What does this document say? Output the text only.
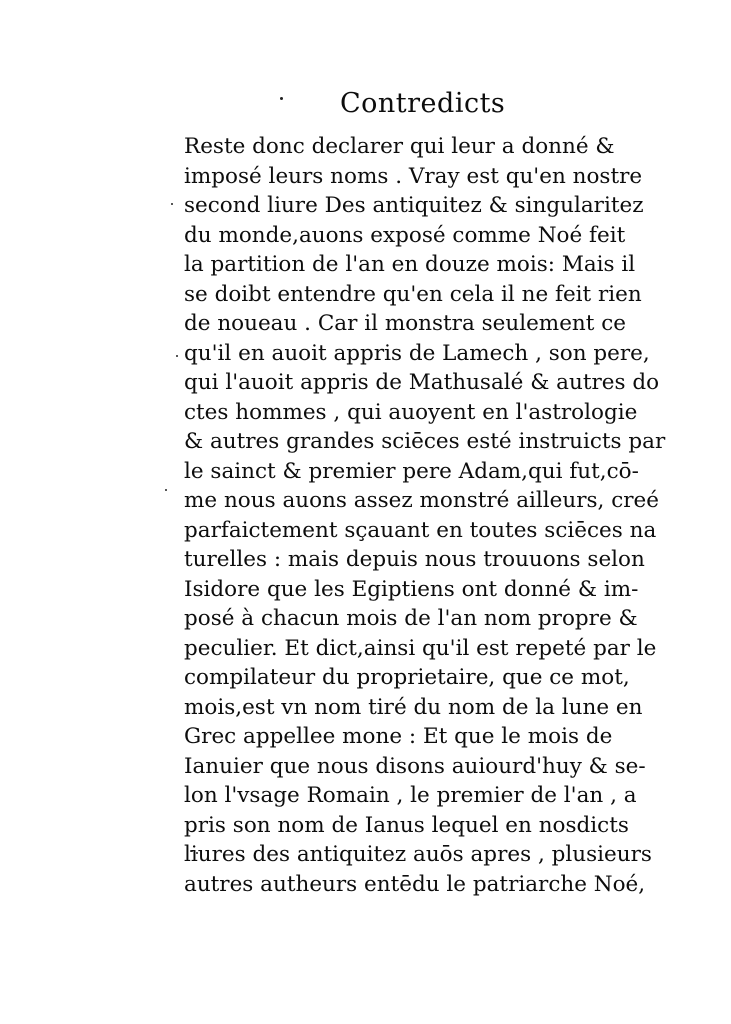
Contredicts
Reste donc declarer qui leur a donné &
imposé leurs noms . Vray est qu'en nostre
second liure Des antiquitez & singularitez
du monde,auons exposé comme Noé feit
la partition de l'an en douze mois: Mais il
se doibt entendre qu'en cela il ne feit rien
de noueau . Car il monstra seulement ce
qu'il en auoit appris de Lamech , son pere,
qui l'auoit appris de Mathusalé & autres do
ctes hommes , qui auoyent en l'astrologie
& autres grandes sciēces esté instruicts par
le sainct & premier pere Adam,qui fut,cō-
me nous auons assez monstré ailleurs, creé
parfaictement sçauant en toutes sciēces na
turelles : mais depuis nous trouuons selon
Isidore que les Egiptiens ont donné & im-
posé à chacun mois de l'an nom propre &
peculier. Et dict,ainsi qu'il est repeté par le
compilateur du proprietaire, que ce mot,
mois,est vn nom tiré du nom de la lune en
Grec appellee mone : Et que le mois de
Ianuier que nous disons auiourd'huy & se-
lon l'vsage Romain , le premier de l'an , a
pris son nom de Ianus lequel en nosdicts
liures des antiquitez auōs apres , plusieurs
autres autheurs entēdu le patriarche Noé,
